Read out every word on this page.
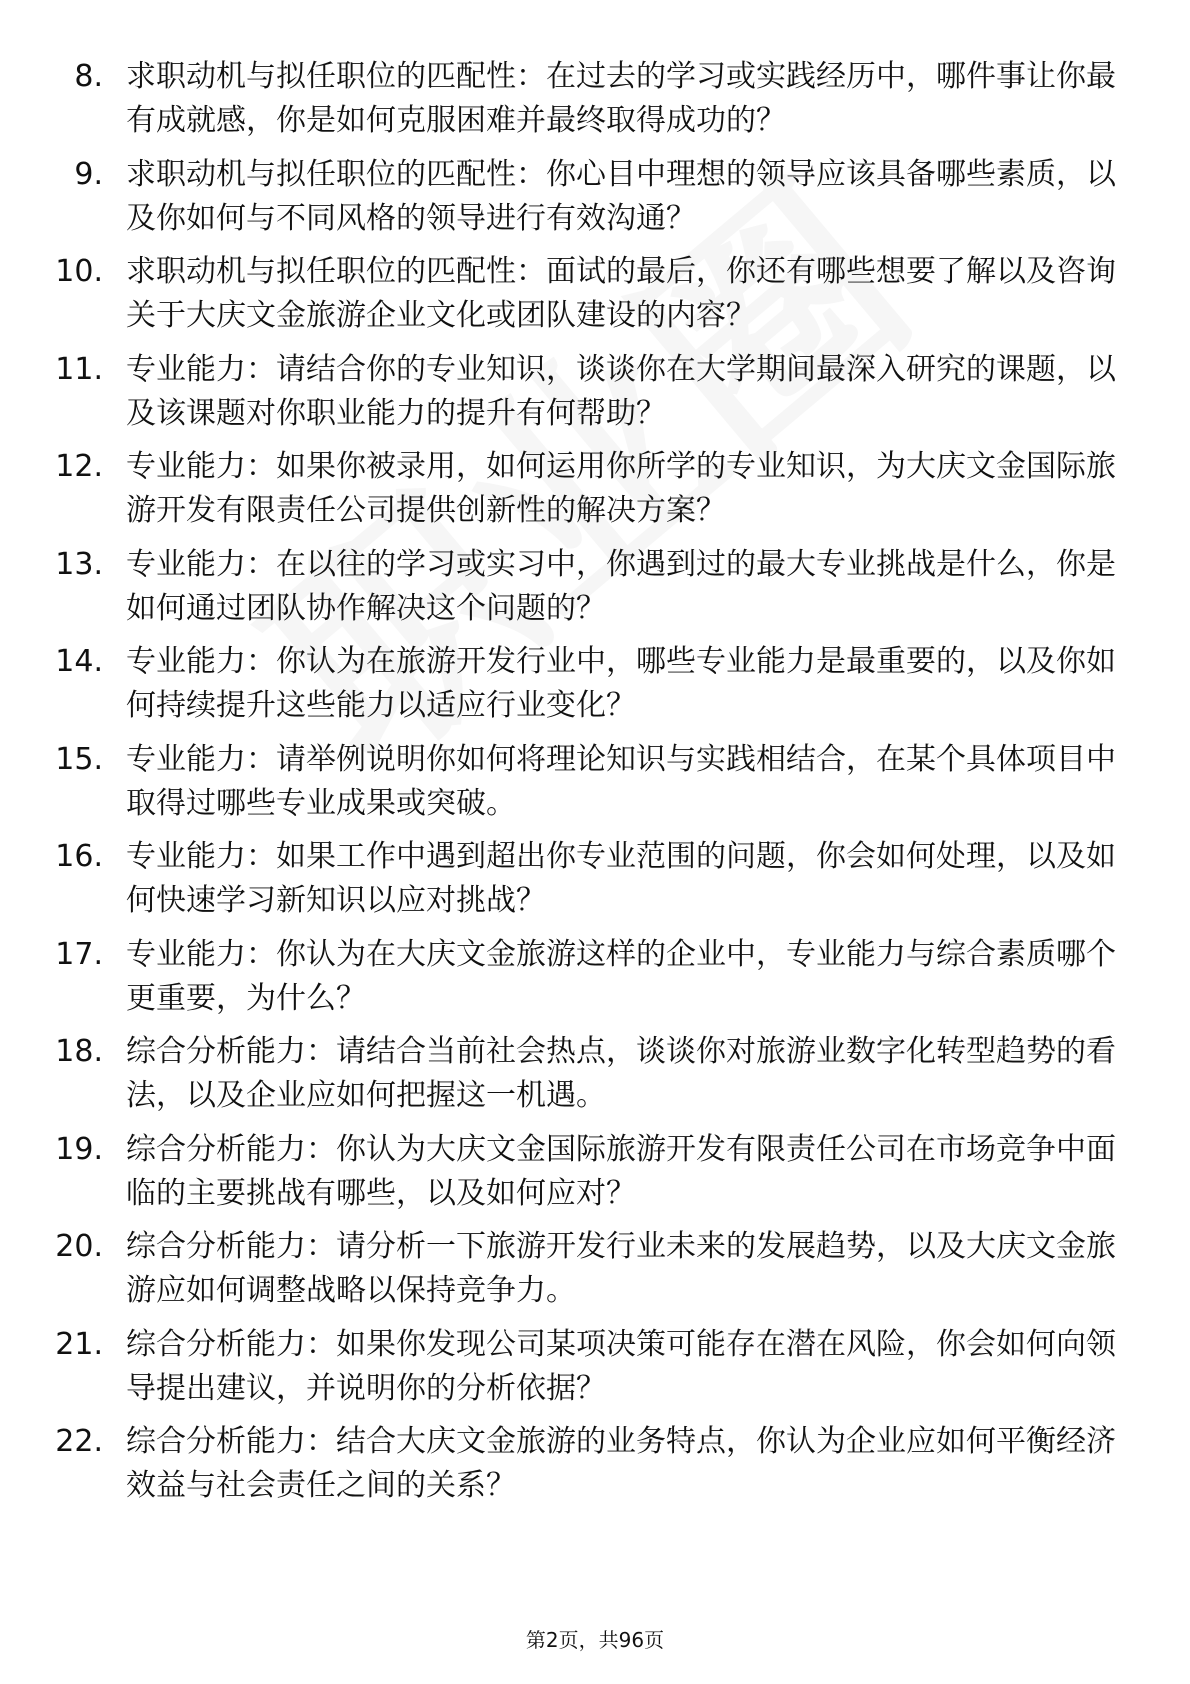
8. 求职动机与拟任职位的匹配性：在过去的学习或实践经历中，哪件事让你最有成就感，你是如何克服困难并最终取得成功的？
9. 求职动机与拟任职位的匹配性：你心目中理想的领导应该具备哪些素质，以及你如何与不同风格的领导进行有效沟通？
10. 求职动机与拟任职位的匹配性：面试的最后，你还有哪些想要了解以及咨询关于大庆文金旅游企业文化或团队建设的内容？
11. 专业能力：请结合你的专业知识，谈谈你在大学期间最深入研究的课题，以及该课题对你职业能力的提升有何帮助？
12. 专业能力：如果你被录用，如何运用你所学的专业知识，为大庆文金国际旅游开发有限责任公司提供创新性的解决方案？
13. 专业能力：在以往的学习或实习中，你遇到过的最大专业挑战是什么，你是如何通过团队协作解决这个问题的？
14. 专业能力：你认为在旅游开发行业中，哪些专业能力是最重要的，以及你如何持续提升这些能力以适应行业变化？
15. 专业能力：请举例说明你如何将理论知识与实践相结合，在某个具体项目中取得过哪些专业成果或突破。
16. 专业能力：如果工作中遇到超出你专业范围的问题，你会如何处理，以及如何快速学习新知识以应对挑战？
17. 专业能力：你认为在大庆文金旅游这样的企业中，专业能力与综合素质哪个更重要，为什么？
18. 综合分析能力：请结合当前社会热点，谈谈你对旅游业数字化转型趋势的看法，以及企业应如何把握这一机遇。
19. 综合分析能力：你认为大庆文金国际旅游开发有限责任公司在市场竞争中面临的主要挑战有哪些，以及如何应对？
20. 综合分析能力：请分析一下旅游开发行业未来的发展趋势，以及大庆文金旅游应如何调整战略以保持竞争力。
21. 综合分析能力：如果你发现公司某项决策可能存在潜在风险，你会如何向领导提出建议，并说明你的分析依据？
22. 综合分析能力：结合大庆文金旅游的业务特点，你认为企业应如何平衡经济效益与社会责任之间的关系？
第2页，共96页
